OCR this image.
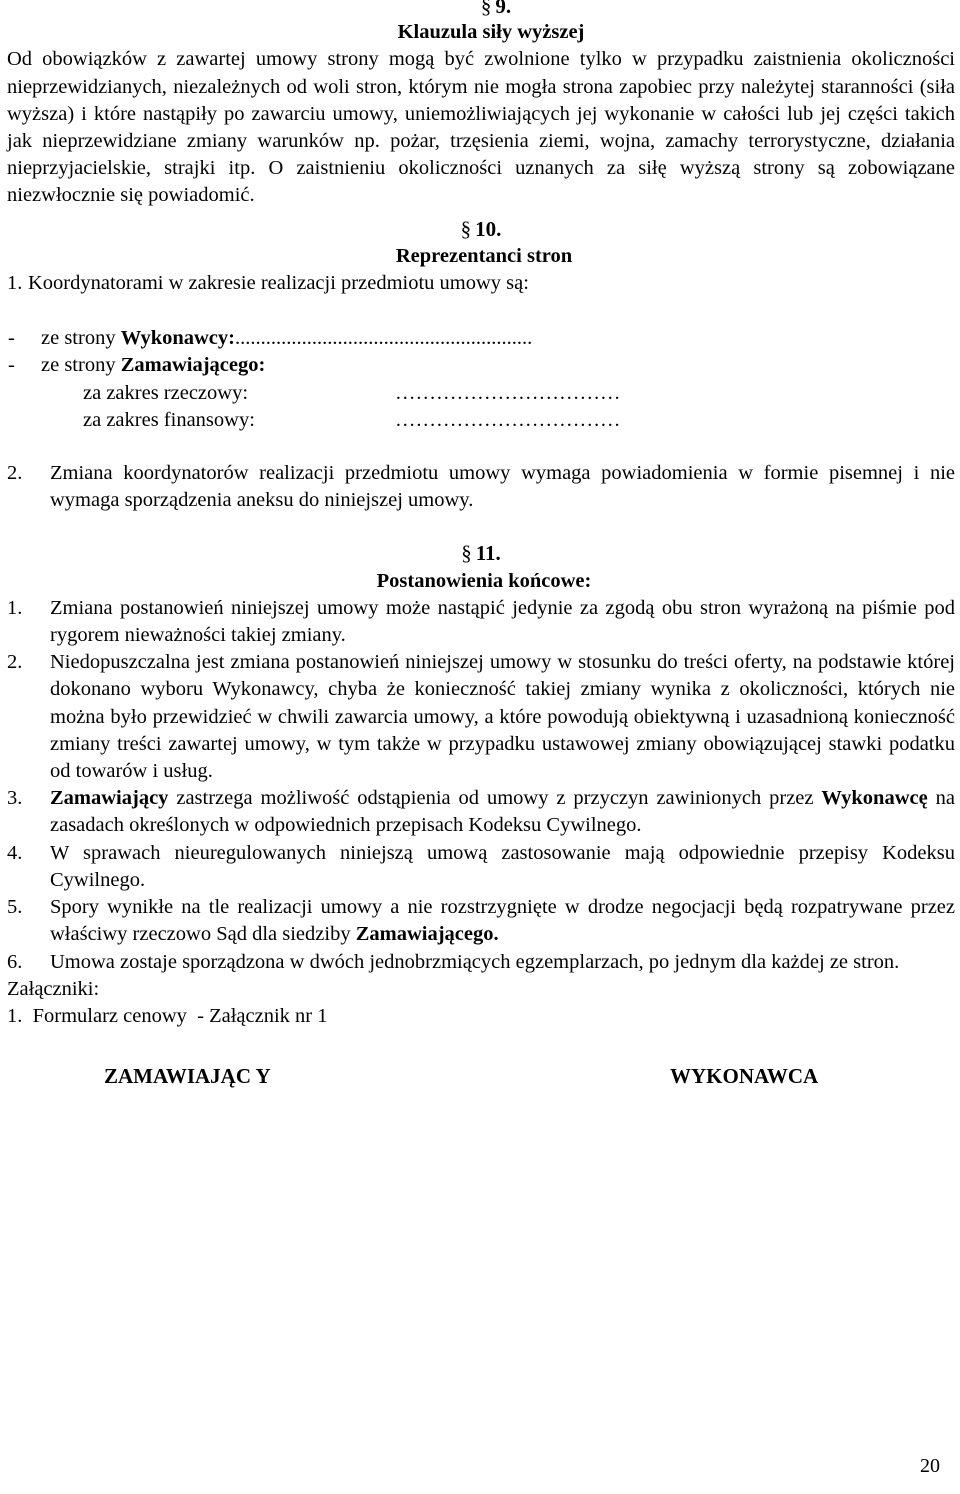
§ 9.
Klauzula siły wyższej

Od obowiązków z zawartej umowy strony mogą być zwolnione tylko w przypadku zaistnienia okoliczności nieprzewidzianych, niezależnych od woli stron, którym nie mogła strona zapobiec przy należytej staranności (siła wyższa) i które nastąpiły po zawarciu umowy, uniemożliwiających jej wykonanie w całości lub jej części takich jak nieprzewidziane zmiany warunków np. pożar, trzęsienia ziemi, wojna, zamachy terrorystyczne, działania nieprzyjacielskie, strajki itp. O zaistnieniu okoliczności uznanych za siłę wyższą strony są zobowiązane niezwłocznie się powiadomić.

§ 10.
Reprezentanci stron
1. Koordynatorami w zakresie realizacji przedmiotu umowy są:
-	ze strony Wykonawcy: ..........................................................
-	ze strony Zamawiającego:
za zakres rzeczowy:	……………………………
za zakres finansowy:	……………………………
2.	Zmiana koordynatorów realizacji przedmiotu umowy wymaga powiadomienia w formie pisemnej i nie wymaga sporządzenia aneksu do niniejszej umowy.
§ 11.
Postanowienia końcowe:
1.	Zmiana postanowień niniejszej umowy może nastąpić jedynie za zgodą obu stron wyrażoną na piśmie pod rygorem nieważności takiej zmiany.
2.	Niedopuszczalna jest zmiana postanowień niniejszej umowy w stosunku do treści oferty, na podstawie której dokonano wyboru Wykonawcy, chyba że konieczność takiej zmiany wynika z okoliczności, których nie można było przewidzieć w chwili zawarcia umowy, a które powodują obiektywną i uzasadnioną konieczność zmiany treści zawartej umowy, w tym także w przypadku ustawowej zmiany obowiązującej stawki podatku od towarów i usług.
3.	Zamawiający zastrzega możliwość odstąpienia od umowy z przyczyn zawinionych przez Wykonawcę na zasadach określonych w odpowiednich przepisach Kodeksu Cywilnego.
4.	W sprawach nieuregulowanych niniejszą umową zastosowanie mają odpowiednie przepisy Kodeksu Cywilnego.
5.	Spory wynikłe na tle realizacji umowy a nie rozstrzygnięte w drodze negocjacji będą rozpatrywane przez właściwy rzeczowo Sąd dla siedziby Zamawiającego.
6.	Umowa zostaje sporządzona w dwóch jednobrzmiących egzemplarzach, po jednym dla każdej ze stron.
Załączniki:
1.  Formularz cenowy  - Załącznik nr 1
ZAMAWIAJĄC Y	WYKONAWCA
20
